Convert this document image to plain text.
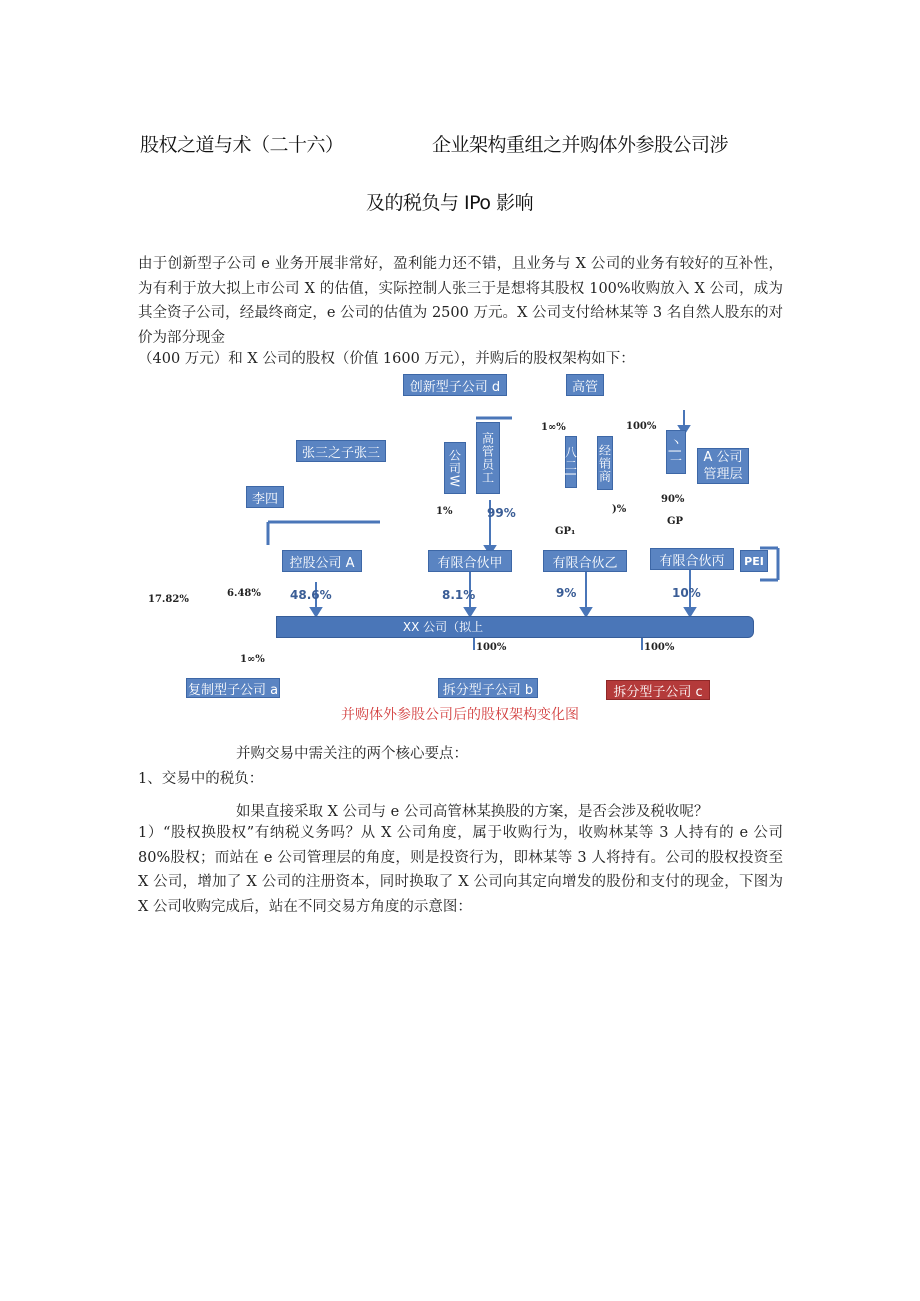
股权之道与术（二十六）	企业架构重组之并购体外参股公司涉
及的税负与 IPo 影响
由于创新型子公司 e 业务开展非常好，盈利能力还不错，且业务与 X 公司的业务有较好的互补性，为有利于放大拟上市公司 X 的估值，实际控制人张三于是想将其股权 100%收购放入 X 公司，成为其全资子公司，经最终商定，e 公司的估值为 2500 万元。X 公司支付给林某等 3 名自然人股东的对价为部分现金
（400 万元）和 X 公司的股权（价值 1600 万元），并购后的股权架构如下：
创新型子公司 d	高管
张三之子张三
李四
公司W	高管员工	八二| 经销商	丶|一 A 公司
管理层
控股公司 A	有限合伙甲	有限合伙乙	有限合伙丙	PEI
XX 公司（拟上
复制型子公司 a	拆分型子公司 b	拆分型子公司 c
48.6%	8.1%	9%	10%
17.82%
6.48%
1%	99%
100%
1∞%
90%
GP₁
GP
)%
100%	100%
1∞%
并购体外参股公司后的股权架构变化图
并购交易中需关注的两个核心要点：
1、交易中的税负：
如果直接采取 X 公司与 e 公司高管林某换股的方案，是否会涉及税收呢？
1）“股权换股权”有纳税义务吗？从 X 公司角度，属于收购行为，收购林某等 3 人持有的 e 公司 80%股权；而站在 e 公司管理层的角度，则是投资行为，即林某等 3 人将持有。公司的股权投资至 X 公司，增加了 X 公司的注册资本，同时换取了 X 公司向其定向增发的股份和支付的现金，下图为 X 公司收购完成后，站在不同交易方角度的示意图：
